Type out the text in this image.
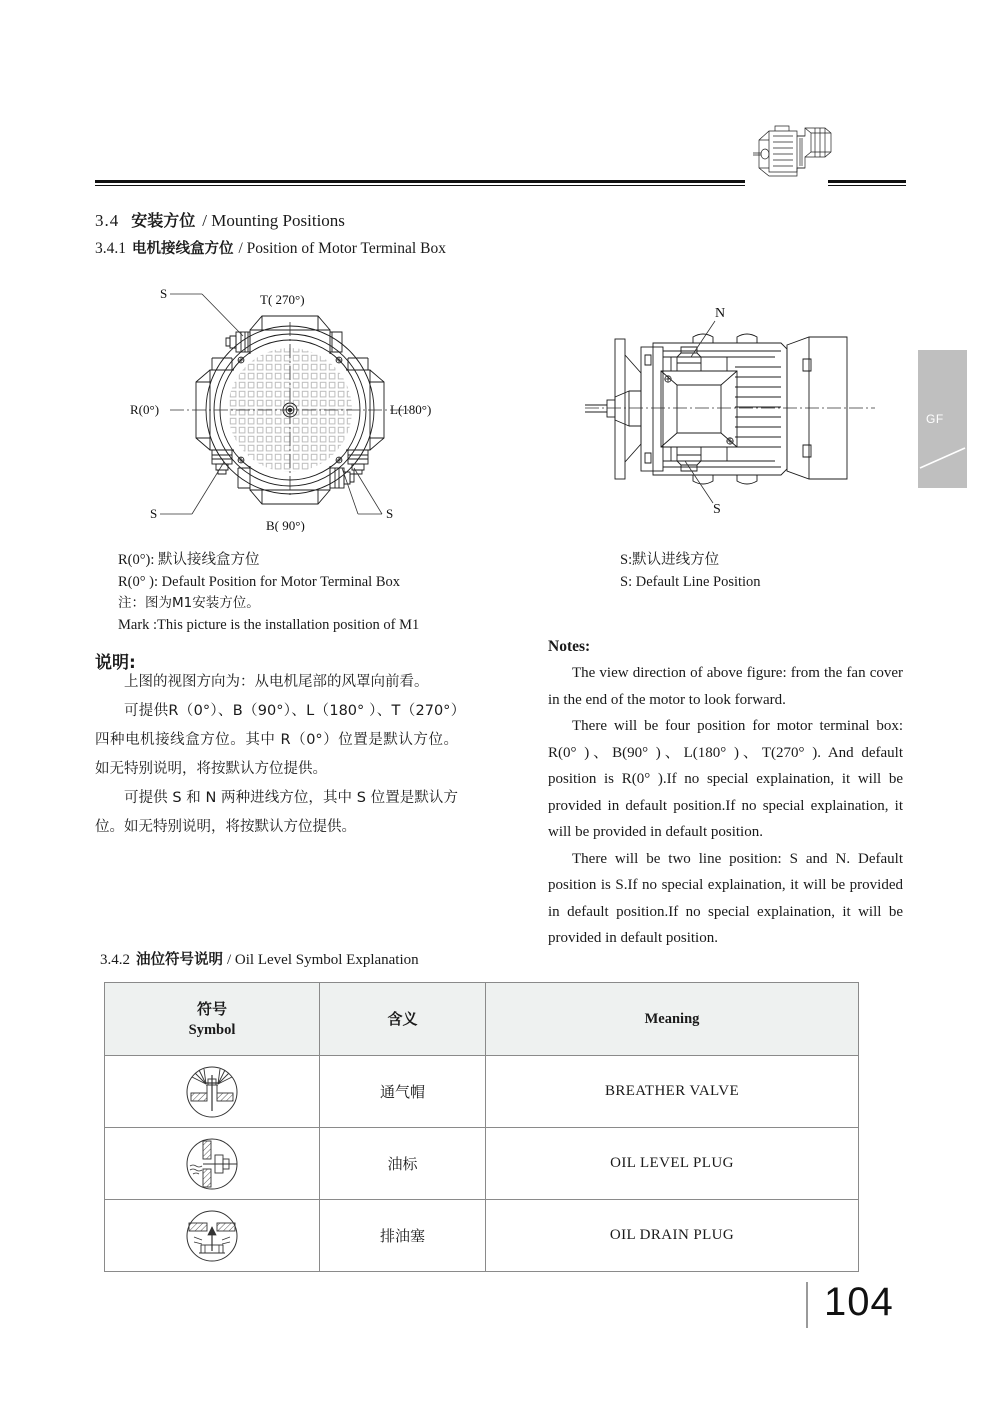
GF
3.4 安装方位 / Mounting Positions
3.4.1 电机接线盒方位 / Position of Motor Terminal Box
S
S	S
T( 270°)
R(0°)	L(180°)
B( 90°)
N
S
R(0°): 默认接线盒方位
R(0° ): Default Position for Motor Terminal Box
注：图为M1安装方位。
Mark :This picture is the installation position of M1
S:默认进线方位
S: Default Line Position
说明:

上图的视图方向为：从电机尾部的风罩向前看。

可提供R（0°）、B（90°）、L（180° ）、T（270°）四种电机接线盒方位。其中 R（0°）位置是默认方位。如无特别说明，将按默认方位提供。

可提供 S 和 N 两种进线方位，其中 S 位置是默认方位。如无特别说明，将按默认方位提供。

Notes:

The view direction of above figure: from the fan cover in the end of the motor to look forward.

There will be four position for motor terminal box: R(0° )、B(90° )、L(180° )、T(270° ). And default position is R(0° ).If no special explaination, it will be provided in default position.If no special explaination, it will be provided in default position.

There will be two line position: S and N. Default position is S.If no special explaination, it will be provided in default position.If no special explaination, it will be provided in default position.

3.4.2 油位符号说明 / Oil Level Symbol Explanation
符号
Symbol	含义	Meaning

	通气帽	BREATHER VALVE

	油标	OIL LEVEL PLUG

	排油塞	OIL DRAIN PLUG
104
